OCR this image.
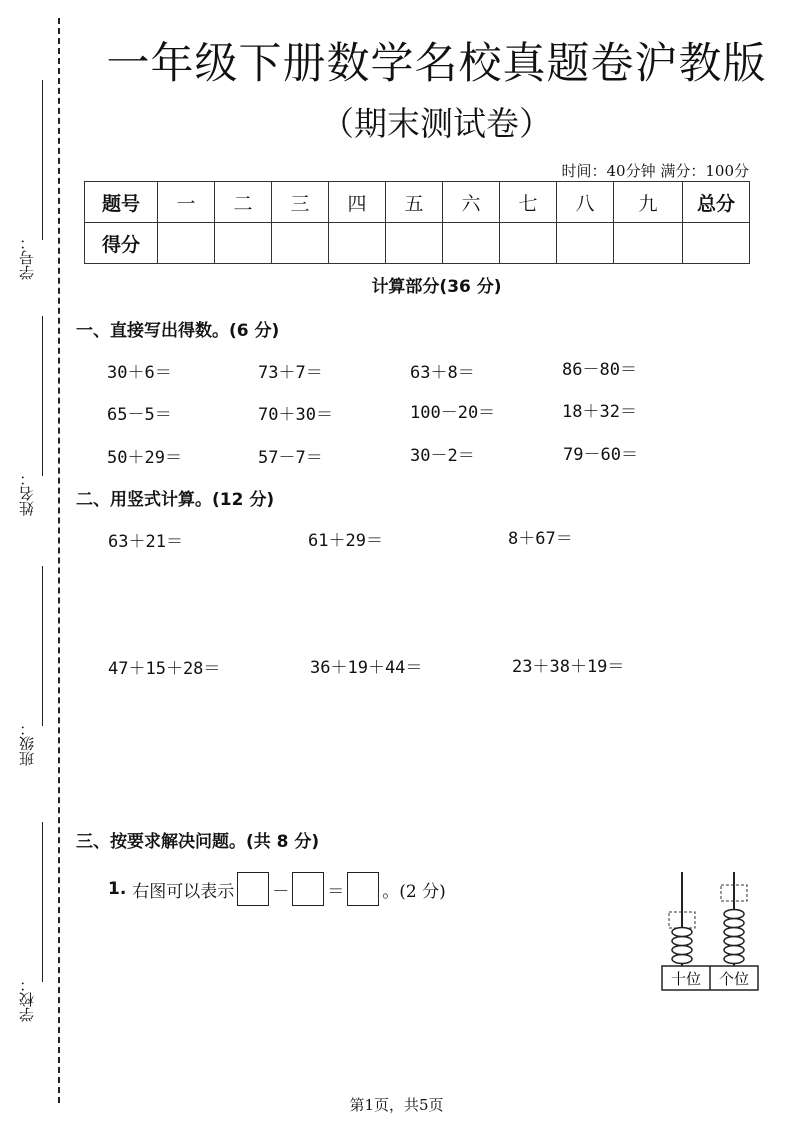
学号：
姓名：
班级：
学校：
一年级下册数学名校真题卷沪教版
（期末测试卷）
时间：40分钟 满分：100分
题号	一	二	三	四	五	六	七	八	九	总分
得分										
计算部分(36 分)
一、直接写出得数。(6 分)
30＋6＝	73＋7＝	63＋8＝	86－80＝
65－5＝	70＋30＝	100－20＝	18＋32＝
50＋29＝	57－7＝	30－2＝	79－60＝
二、用竖式计算。(12 分)
63＋21＝	61＋29＝	8＋67＝
47＋15＋28＝	36＋19＋44＝	23＋38＋19＝
三、按要求解决问题。(共 8 分)
1. 右图可以表示 － ＝ 。(2 分)
十位 个位
第1页，共5页
